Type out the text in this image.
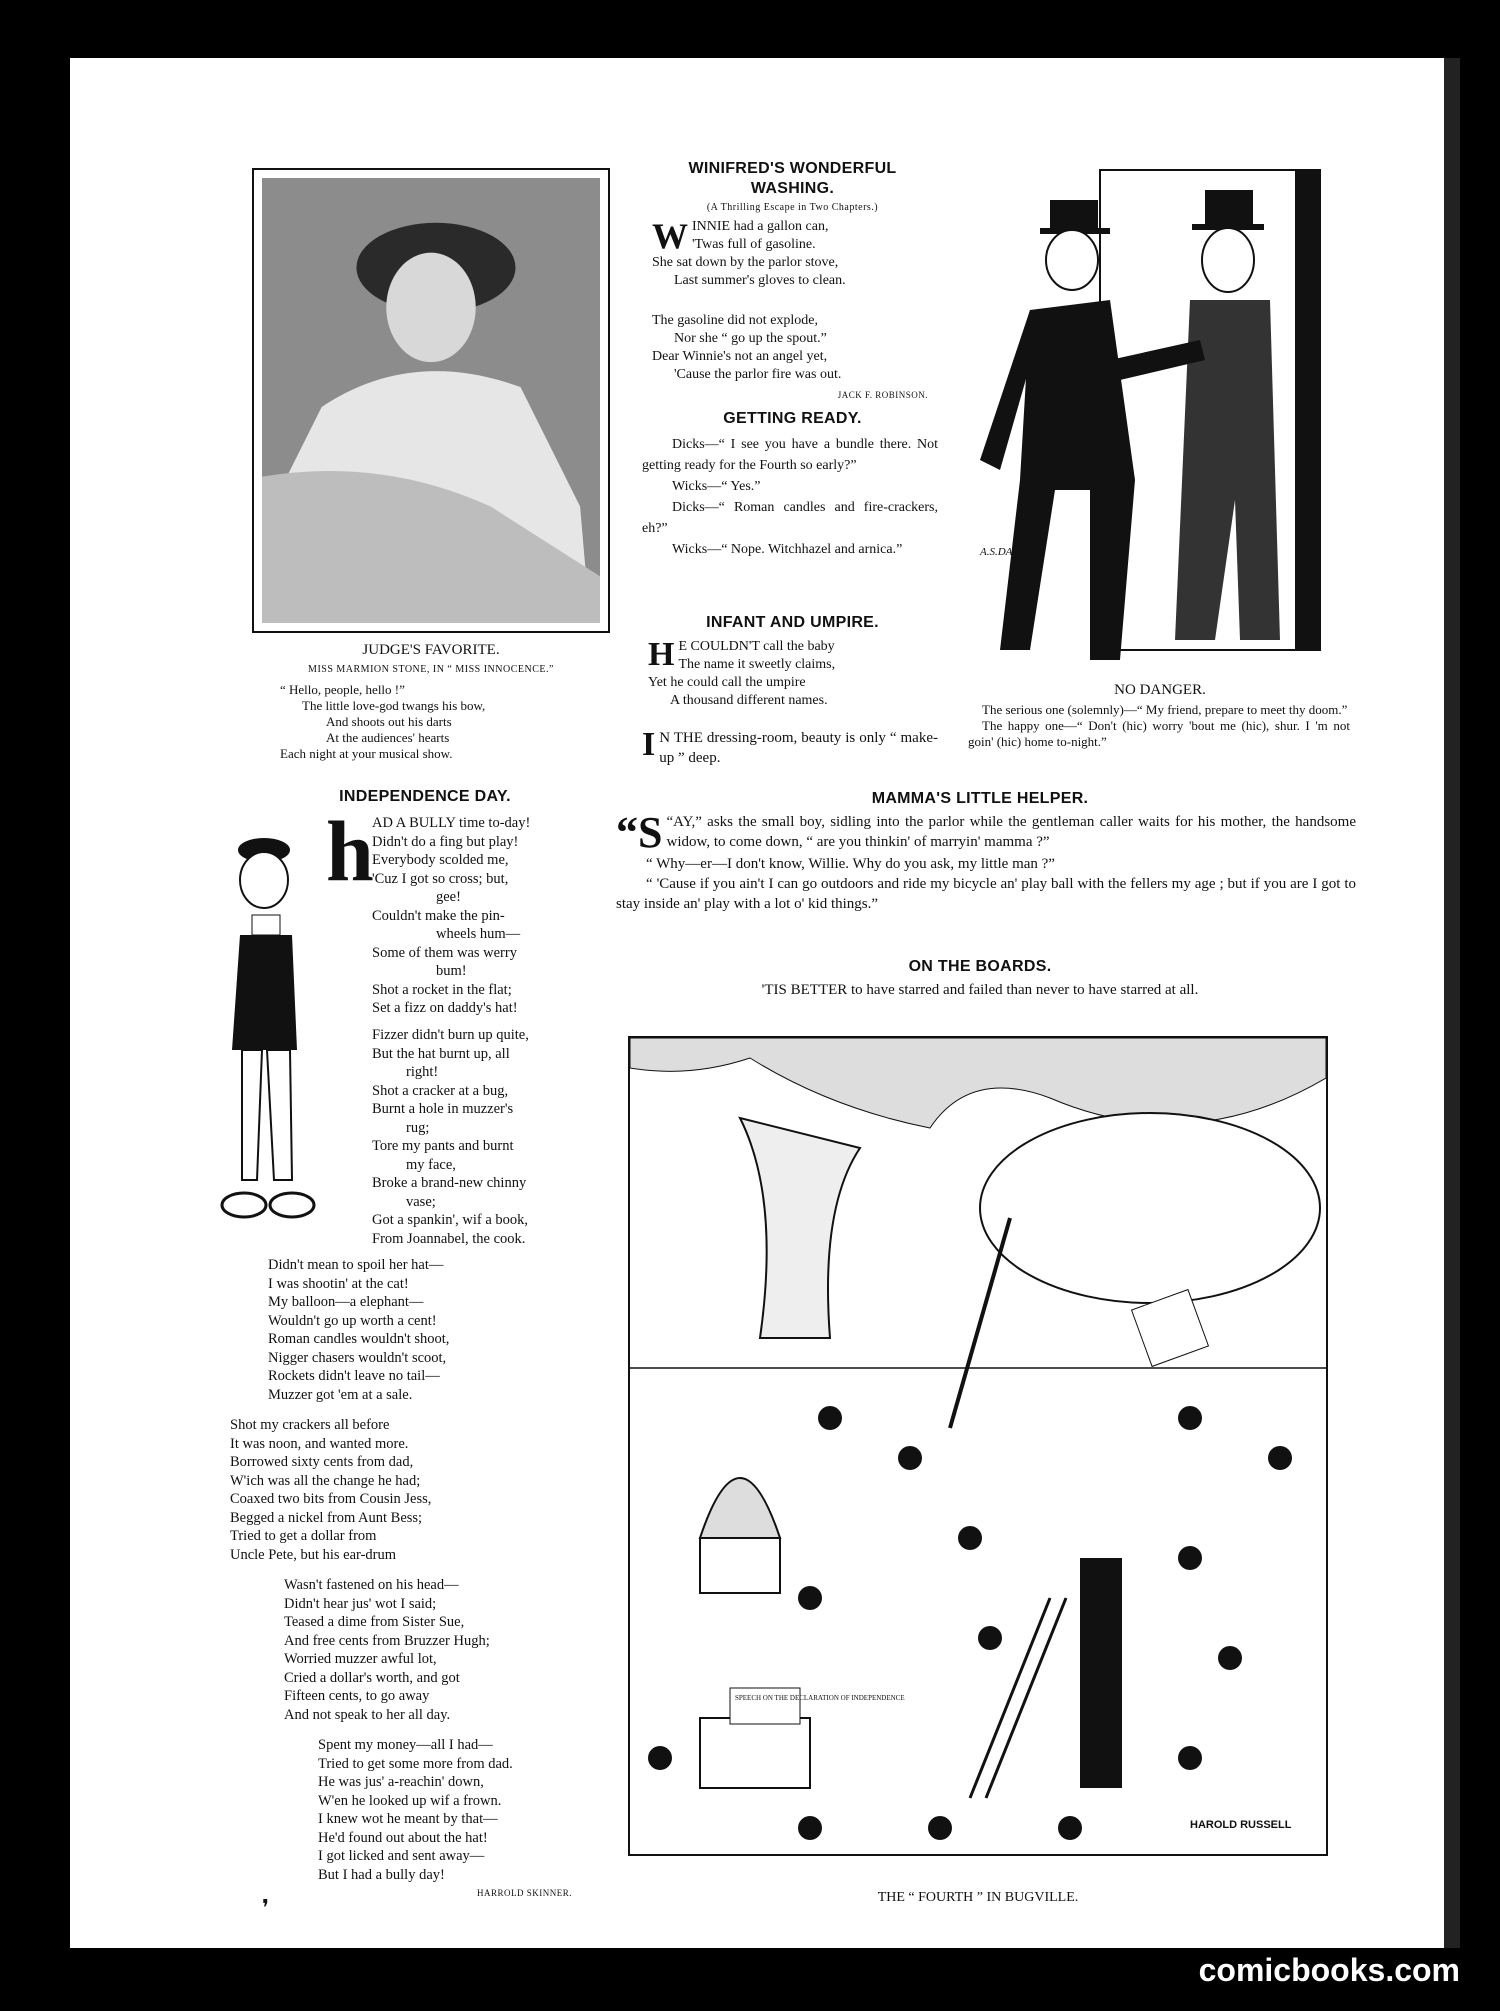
JUDGE'S FAVORITE.
MISS MARMION STONE, IN “ MISS INNOCENCE.”
“ Hello, people, hello !”
The little love-god twangs his bow,
And shoots out his darts
At the audiences' hearts
Each night at your musical show.
WINIFRED'S WONDERFUL
WASHING.
(A Thrilling Escape in Two Chapters.)
W INNIE had a gallon can,
'Twas full of gasoline.
She sat down by the parlor stove,
Last summer's gloves to clean.
The gasoline did not explode,
Nor she “ go up the spout.”
Dear Winnie's not an angel yet,
'Cause the parlor fire was out.
JACK F. ROBINSON.
GETTING READY.
Dicks—“ I see you have a bundle there. Not getting ready for the Fourth so early?”
Wicks—“ Yes.”
Dicks—“ Roman candles and fire-crackers, eh?”
Wicks—“ Nope. Witchhazel and arnica.”
INFANT AND UMPIRE.
H E COULDN'T call the baby
The name it sweetly claims,
Yet he could call the umpire
A thousand different names.
I N THE dressing-room, beauty is only “ make-up ” deep.
A.S.DAGGY
NO DANGER.
The serious one (solemnly)—“ My friend, prepare to meet thy doom.”
The happy one—“ Don't (hic) worry 'bout me (hic), shur. I 'm not goin' (hic) home to-night.”
INDEPENDENCE DAY.
h
AD A BULLY time to-day!
Didn't do a fing but play!
Everybody scolded me,
'Cuz I got so cross; but,
gee!
Couldn't make the pin-
wheels hum—
Some of them was werry
bum!
Shot a rocket in the flat;
Set a fizz on daddy's hat!
Fizzer didn't burn up quite,
But the hat burnt up, all
right!
Shot a cracker at a bug,
Burnt a hole in muzzer's
rug;
Tore my pants and burnt
my face,
Broke a brand-new chinny
vase;
Got a spankin', wif a book,
From Joannabel, the cook.
Didn't mean to spoil her hat—
I was shootin' at the cat!
My balloon—a elephant—
Wouldn't go up worth a cent!
Roman candles wouldn't shoot,
Nigger chasers wouldn't scoot,
Rockets didn't leave no tail—
Muzzer got 'em at a sale.
Shot my crackers all before
It was noon, and wanted more.
Borrowed sixty cents from dad,
W'ich was all the change he had;
Coaxed two bits from Cousin Jess,
Begged a nickel from Aunt Bess;
Tried to get a dollar from
Uncle Pete, but his ear-drum
Wasn't fastened on his head—
Didn't hear jus' wot I said;
Teased a dime from Sister Sue,
And free cents from Bruzzer Hugh;
Worried muzzer awful lot,
Cried a dollar's worth, and got
Fifteen cents, to go away
And not speak to her all day.
Spent my money—all I had—
Tried to get some more from dad.
He was jus' a-reachin' down,
W'en he looked up wif a frown.
I knew wot he meant by that—
He'd found out about the hat!
I got licked and sent away—
But I had a bully day!
HARROLD SKINNER.
❜
MAMMA'S LITTLE HELPER.
“S “AY,” asks the small boy, sidling into the parlor while the gentleman caller waits for his mother, the handsome widow, to come down, “ are you thinkin' of marryin' mamma ?”
“ Why—er—I don't know, Willie. Why do you ask, my little man ?”
“ 'Cause if you ain't I can go outdoors and ride my bicycle an' play ball with the fellers my age ; but if you are I got to stay inside an' play with a lot o' kid things.”
ON THE BOARDS.
'TIS BETTER to have starred and failed than never to have starred at all.
SPEECH ON THE DECLARATION OF INDEPENDENCE
HAROLD RUSSELL
THE “ FOURTH ” IN BUGVILLE.
comicbooks.com
